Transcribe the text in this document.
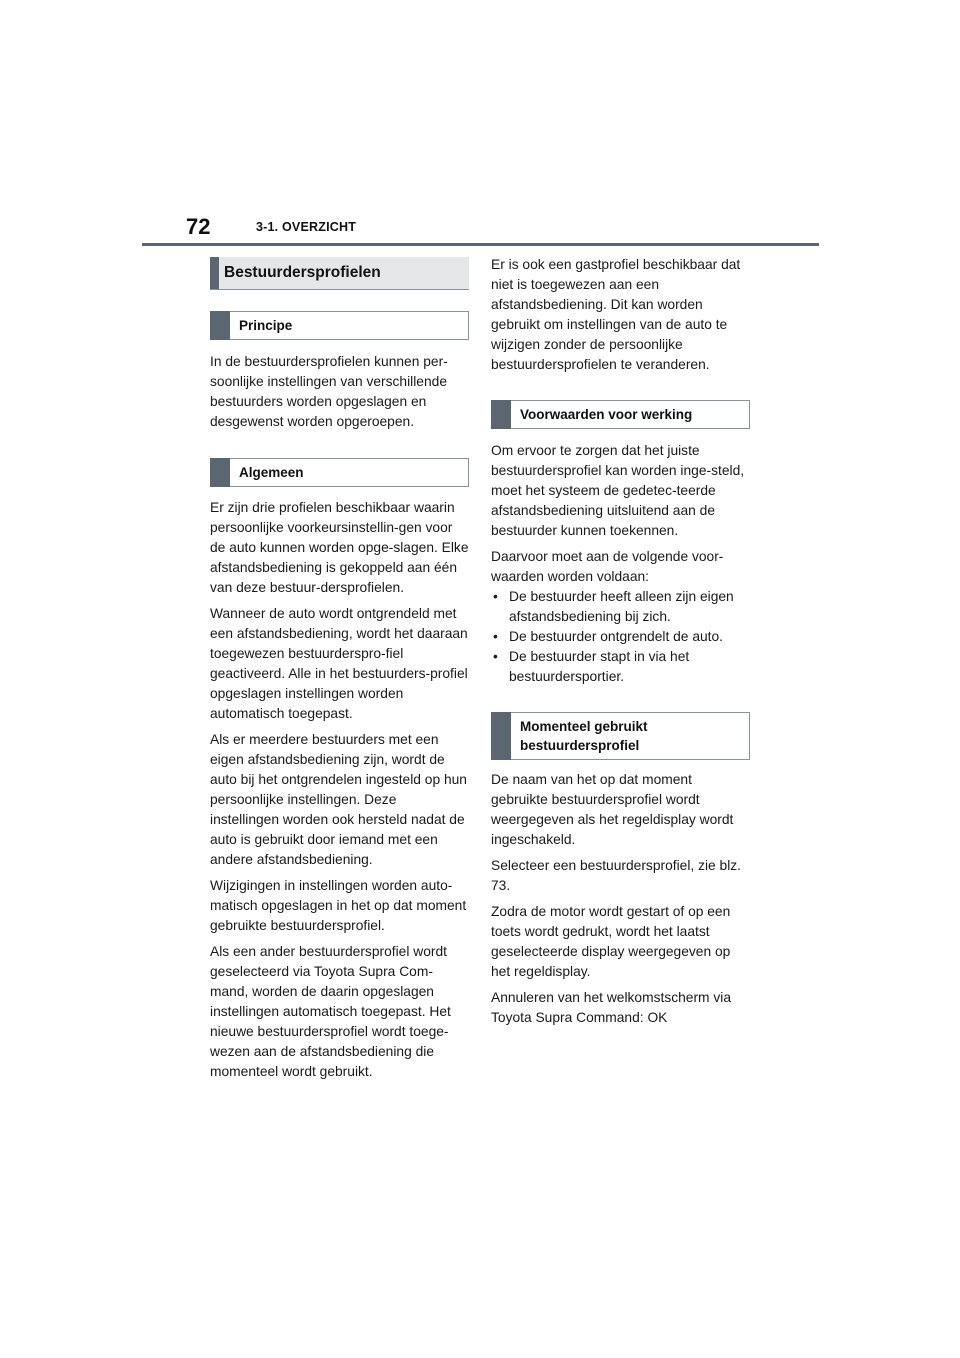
72	3-1. OVERZICHT
Bestuurdersprofielen
Principe

In de bestuurdersprofielen kunnen per-soonlijke instellingen van verschillende bestuurders worden opgeslagen en desgewenst worden opgeroepen.

Algemeen

Er zijn drie profielen beschikbaar waarin persoonlijke voorkeursinstellin-gen voor de auto kunnen worden opge-slagen. Elke afstandsbediening is gekoppeld aan één van deze bestuur-dersprofielen.

Wanneer de auto wordt ontgrendeld met een afstandsbediening, wordt het daaraan toegewezen bestuurderspro-fiel geactiveerd. Alle in het bestuurders-profiel opgeslagen instellingen worden automatisch toegepast.

Als er meerdere bestuurders met een eigen afstandsbediening zijn, wordt de auto bij het ontgrendelen ingesteld op hun persoonlijke instellingen. Deze instellingen worden ook hersteld nadat de auto is gebruikt door iemand met een andere afstandsbediening.

Wijzigingen in instellingen worden auto-matisch opgeslagen in het op dat moment gebruikte bestuurdersprofiel.

Als een ander bestuurdersprofiel wordt geselecteerd via Toyota Supra Com-mand, worden de daarin opgeslagen instellingen automatisch toegepast. Het nieuwe bestuurdersprofiel wordt toege-wezen aan de afstandsbediening die momenteel wordt gebruikt.

Er is ook een gastprofiel beschikbaar dat niet is toegewezen aan een afstandsbediening. Dit kan worden gebruikt om instellingen van de auto te wijzigen zonder de persoonlijke bestuurdersprofielen te veranderen.

Voorwaarden voor werking

Om ervoor te zorgen dat het juiste bestuurdersprofiel kan worden inge-steld, moet het systeem de gedetec-teerde afstandsbediening uitsluitend aan de bestuurder kunnen toekennen.

Daarvoor moet aan de volgende voor-waarden worden voldaan:

• De bestuurder heeft alleen zijn eigen afstandsbediening bij zich.
• De bestuurder ontgrendelt de auto.
• De bestuurder stapt in via het bestuurdersportier.
Momenteel gebruikt bestuurdersprofiel

De naam van het op dat moment gebruikte bestuurdersprofiel wordt weergegeven als het regeldisplay wordt ingeschakeld.

Selecteer een bestuurdersprofiel, zie blz. 73.

Zodra de motor wordt gestart of op een toets wordt gedrukt, wordt het laatst geselecteerde display weergegeven op het regeldisplay.

Annuleren van het welkomstscherm via Toyota Supra Command: OK
